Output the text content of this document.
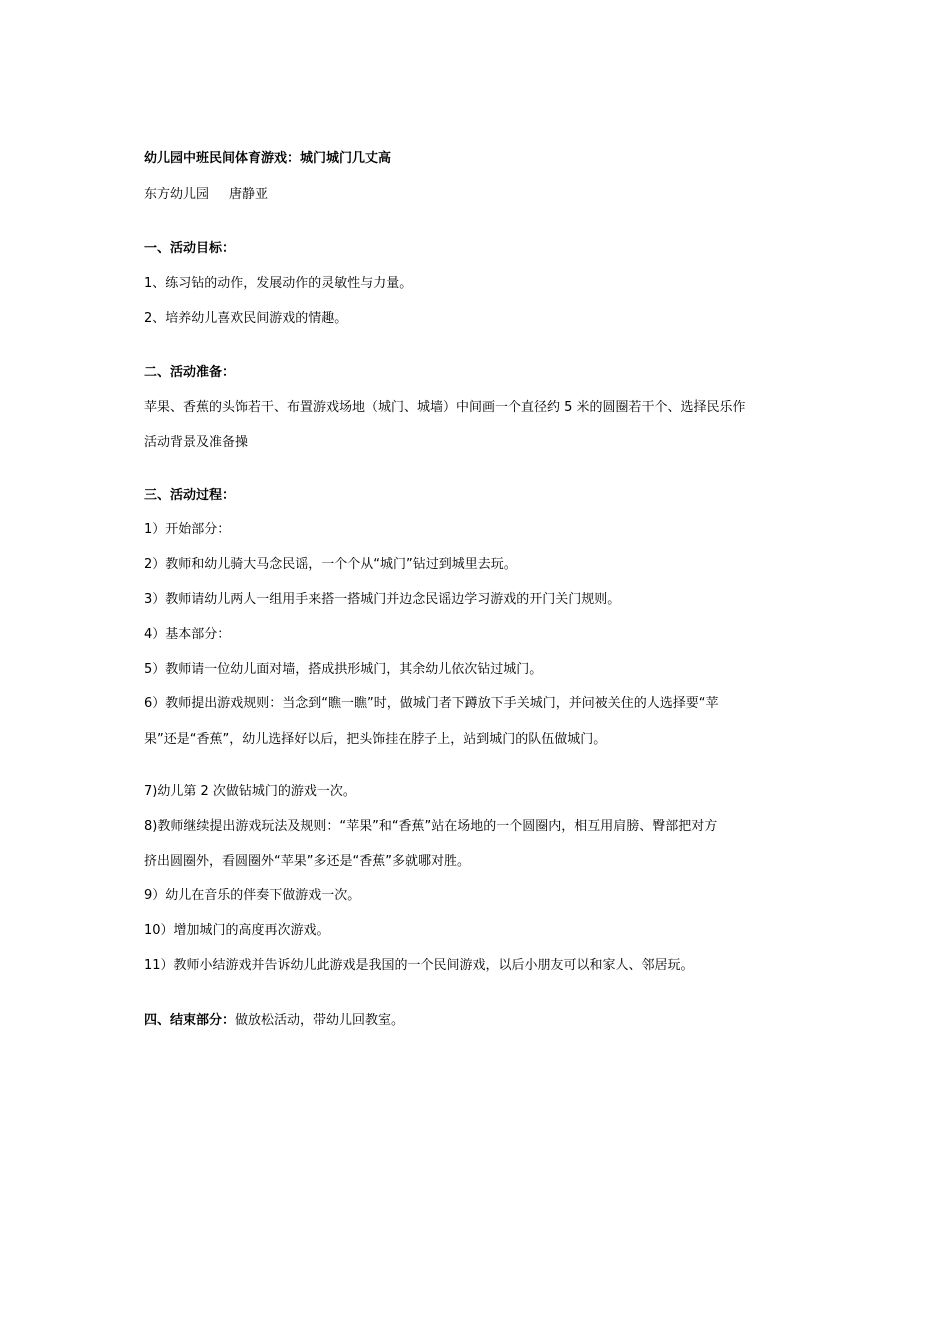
幼儿园中班民间体育游戏：城门城门几丈高
东方幼儿园 唐静亚
一、活动目标：
1、练习钻的动作，发展动作的灵敏性与力量。
2、培养幼儿喜欢民间游戏的情趣。
二、活动准备：
苹果、香蕉的头饰若干、布置游戏场地（城门、城墙）中间画一个直径约 5 米的圆圈若干个、选择民乐作
活动背景及准备操
三、活动过程：
1）开始部分：
2）教师和幼儿骑大马念民谣，一个个从“城门”钻过到城里去玩。
3）教师请幼儿两人一组用手来搭一搭城门并边念民谣边学习游戏的开门关门规则。
4）基本部分：
5）教师请一位幼儿面对墙，搭成拱形城门，其余幼儿依次钻过城门。
6）教师提出游戏规则：当念到“瞧一瞧”时，做城门者下蹲放下手关城门，并问被关住的人选择要“苹
果”还是“香蕉”，幼儿选择好以后，把头饰挂在脖子上，站到城门的队伍做城门。
7)幼儿第 2 次做钻城门的游戏一次。
8)教师继续提出游戏玩法及规则：“苹果”和“香蕉”站在场地的一个圆圈内，相互用肩膀、臀部把对方
挤出圆圈外，看圆圈外“苹果”多还是“香蕉”多就哪对胜。
9）幼儿在音乐的伴奏下做游戏一次。
10）增加城门的高度再次游戏。
11）教师小结游戏并告诉幼儿此游戏是我国的一个民间游戏，以后小朋友可以和家人、邻居玩。
四、结束部分：做放松活动，带幼儿回教室。
